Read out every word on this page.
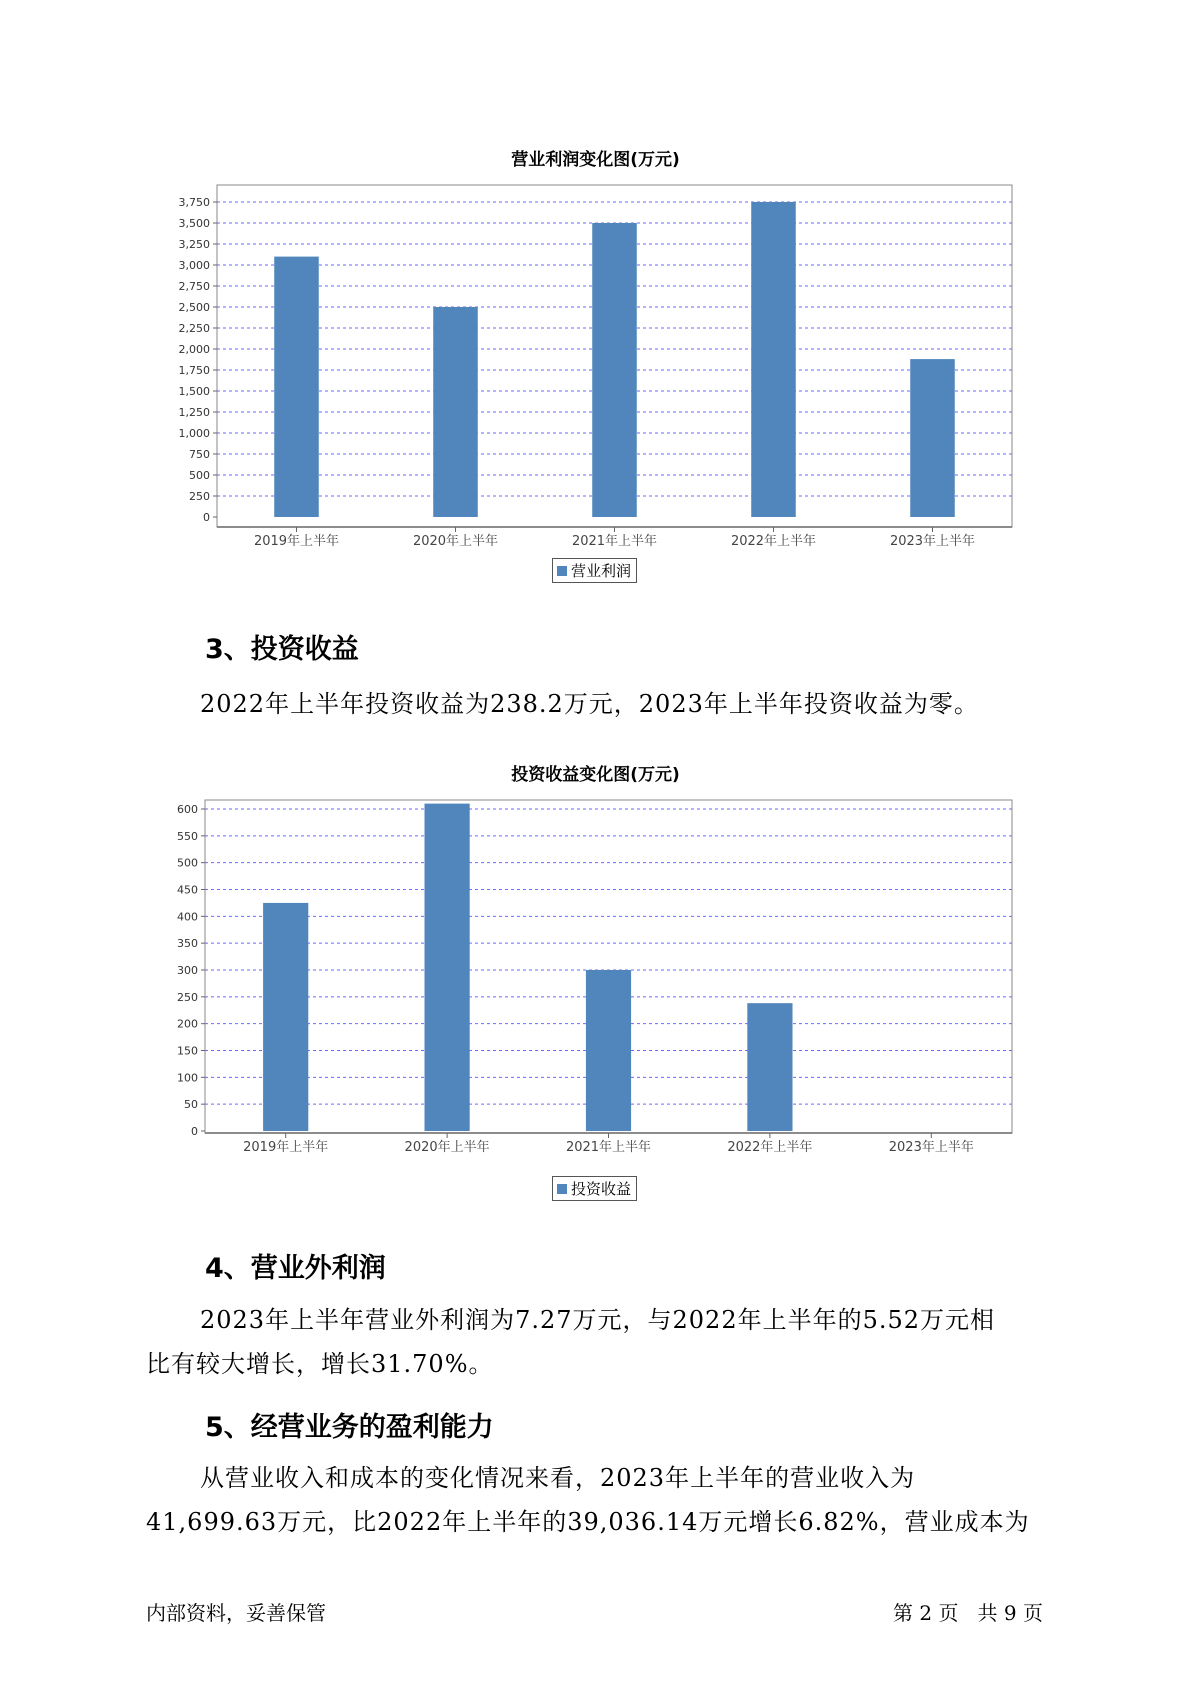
营业利润变化图(万元)
0
250
500
750
1,000
1,250
1,500
1,750
2,000
2,250
2,500
2,750
3,000
3,250
3,500
3,750
2019年上半年	2020年上半年	2021年上半年	2022年上半年	2023年上半年
营业利润
3、投资收益
2022年上半年投资收益为238.2万元，2023年上半年投资收益为零。
投资收益变化图(万元)
0
50
100
150
200
250
300
350
400
450
500
550
600
2019年上半年	2020年上半年	2021年上半年	2022年上半年	2023年上半年
投资收益
4、营业外利润
2023年上半年营业外利润为7.27万元，与2022年上半年的5.52万元相
比有较大增长，增长31.70%。
5、经营业务的盈利能力
从营业收入和成本的变化情况来看，2023年上半年的营业收入为
41,699.63万元，比2022年上半年的39,036.14万元增长6.82%，营业成本为
内部资料，妥善保管	第 2 页   共 9 页
